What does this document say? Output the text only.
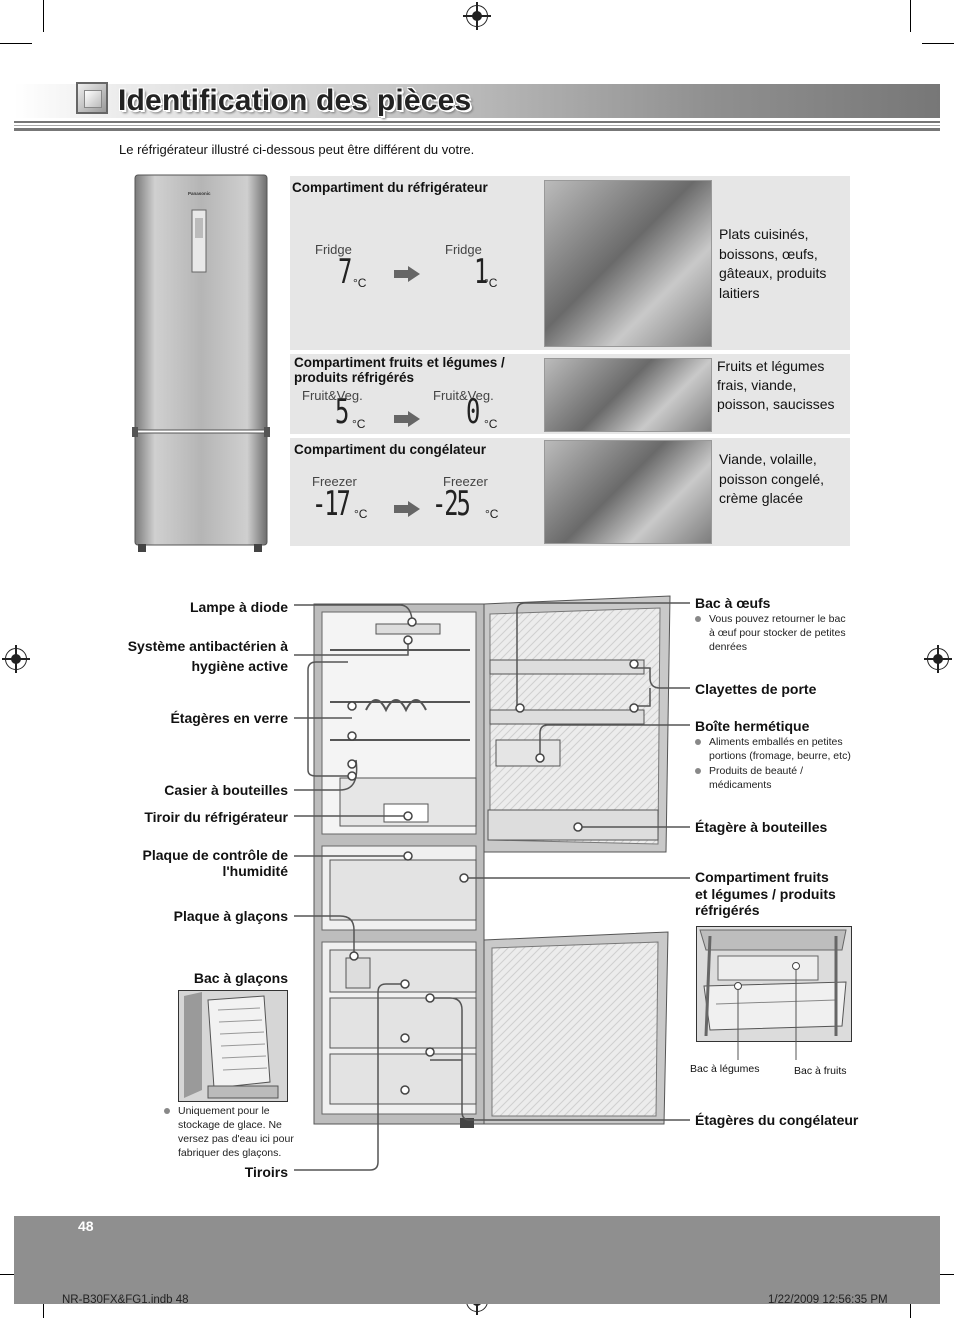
Identification des pièces
Le réfrigérateur illustré ci-dessous peut être différent du votre.
Panasonic	Compartiment du réfrigérateur
Fridge	Fridge
7 °C	1
°C
Plats cuisinés, boissons, œufs, gâteaux, produits laitiers
Compartiment fruits et légumes / produits réfrigérés
Fruit&Veg.	Fruit&Veg.
5 °C	0 °C
Fruits et légumes frais, viande, poisson, saucisses
Compartiment du congélateur
Freezer	Freezer
-17 °C -25 °C
Viande, volaille, poisson congelé, crème glacée
Lampe à diode
Système antibactérien à hygiène active
Étagères en verre
Casier à bouteilles
Tiroir du réfrigérateur
Plaque de contrôle de l'humidité
Plaque à glaçons
Bac à glaçons
Tiroirs
Uniquement pour le stockage de glace. Ne versez pas d'eau ici pour fabriquer des glaçons.
Bac à œufs
Vous pouvez retourner le bac à œuf pour stocker de petites denrées
Clayettes de porte
Boîte hermétique
Aliments emballés en petites portions (fromage, beurre, etc)
Produits de beauté / médicaments
Étagère à bouteilles
Compartiment fruits et légumes / produits réfrigérés
Bac à légumes	Bac à fruits
Étagères du congélateur
48
NR-B30FX&FG1.indb 48	1/22/2009 12:56:35 PM
